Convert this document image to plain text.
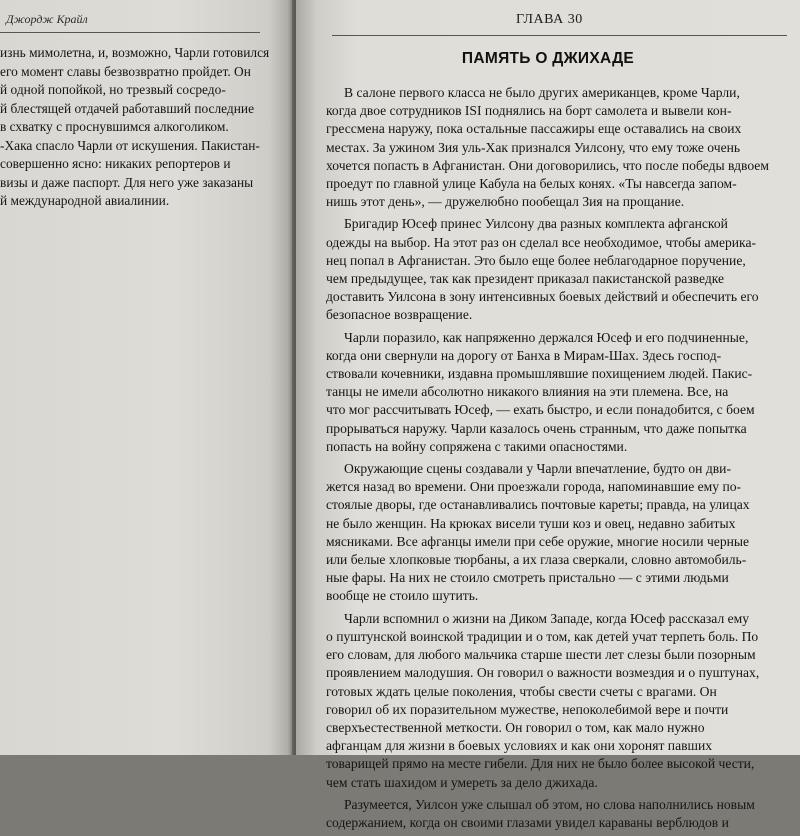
Джордж Крайл
изнь мимолетна, и, возможно, Чарли готовился
его момент славы безвозвратно пройдет. Он
й одной попойкой, но трезвый сосредо-
й блестящей отдачей работавший последние
в схватку с проснувшимся алкоголиком.
-Хака спасло Чарли от искушения. Пакистан-
совершенно ясно: никаких репортеров и
визы и даже паспорт. Для него уже заказаны
й международной авиалинии.
ГЛАВА 30
ПАМЯТЬ О ДЖИХАДЕ
В салоне первого класса не было других американцев, кроме Чарли,
когда двое сотрудников ISI поднялись на борт самолета и вывели кон-
грессмена наружу, пока остальные пассажиры еще оставались на своих
местах. За ужином Зия уль-Хак признался Уилсону, что ему тоже очень
хочется попасть в Афганистан. Они договорились, что после победы вдвоем
проедут по главной улице Кабула на белых конях. «Ты навсегда запом-
нишь этот день», — дружелюбно пообещал Зия на прощание.
Бригадир Юсеф принес Уилсону два разных комплекта афганской
одежды на выбор. На этот раз он сделал все необходимое, чтобы америка-
нец попал в Афганистан. Это было еще более неблагодарное поручение,
чем предыдущее, так как президент приказал пакистанской разведке
доставить Уилсона в зону интенсивных боевых действий и обеспечить его
безопасное возвращение.
Чарли поразило, как напряженно держался Юсеф и его подчиненные,
когда они свернули на дорогу от Банха в Мирам-Шах. Здесь господ-
ствовали кочевники, издавна промышлявшие похищением людей. Пакис-
танцы не имели абсолютно никакого влияния на эти племена. Все, на
что мог рассчитывать Юсеф, — ехать быстро, и если понадобится, с боем
прорываться наружу. Чарли казалось очень странным, что даже попытка
попасть на войну сопряжена с такими опасностями.
Окружающие сцены создавали у Чарли впечатление, будто он дви-
жется назад во времени. Они проезжали города, напоминавшие ему по-
стоялые дворы, где останавливались почтовые кареты; правда, на улицах
не было женщин. На крюках висели туши коз и овец, недавно забитых
мясниками. Все афганцы имели при себе оружие, многие носили черные
или белые хлопковые тюрбаны, а их глаза сверкали, словно автомобиль-
ные фары. На них не стоило смотреть пристально — с этими людьми
вообще не стоило шутить.
Чарли вспомнил о жизни на Диком Западе, когда Юсеф рассказал ему
о пуштунской воинской традиции и о том, как детей учат терпеть боль. По
его словам, для любого мальчика старше шести лет слезы были позорным
проявлением малодушия. Он говорил о важности возмездия и о пуштунах,
готовых ждать целые поколения, чтобы свести счеты с врагами. Он
говорил об их поразительном мужестве, непоколебимой вере и почти
сверхъестественной меткости. Он говорил о том, как мало нужно
афганцам для жизни в боевых условиях и как они хоронят павших
товарищей прямо на месте гибели. Для них не было более высокой чести,
чем стать шахидом и умереть за дело джихада.
Разумеется, Уилсон уже слышал об этом, но слова наполнились новым
содержанием, когда он своими глазами увидел караваны верблюдов и
